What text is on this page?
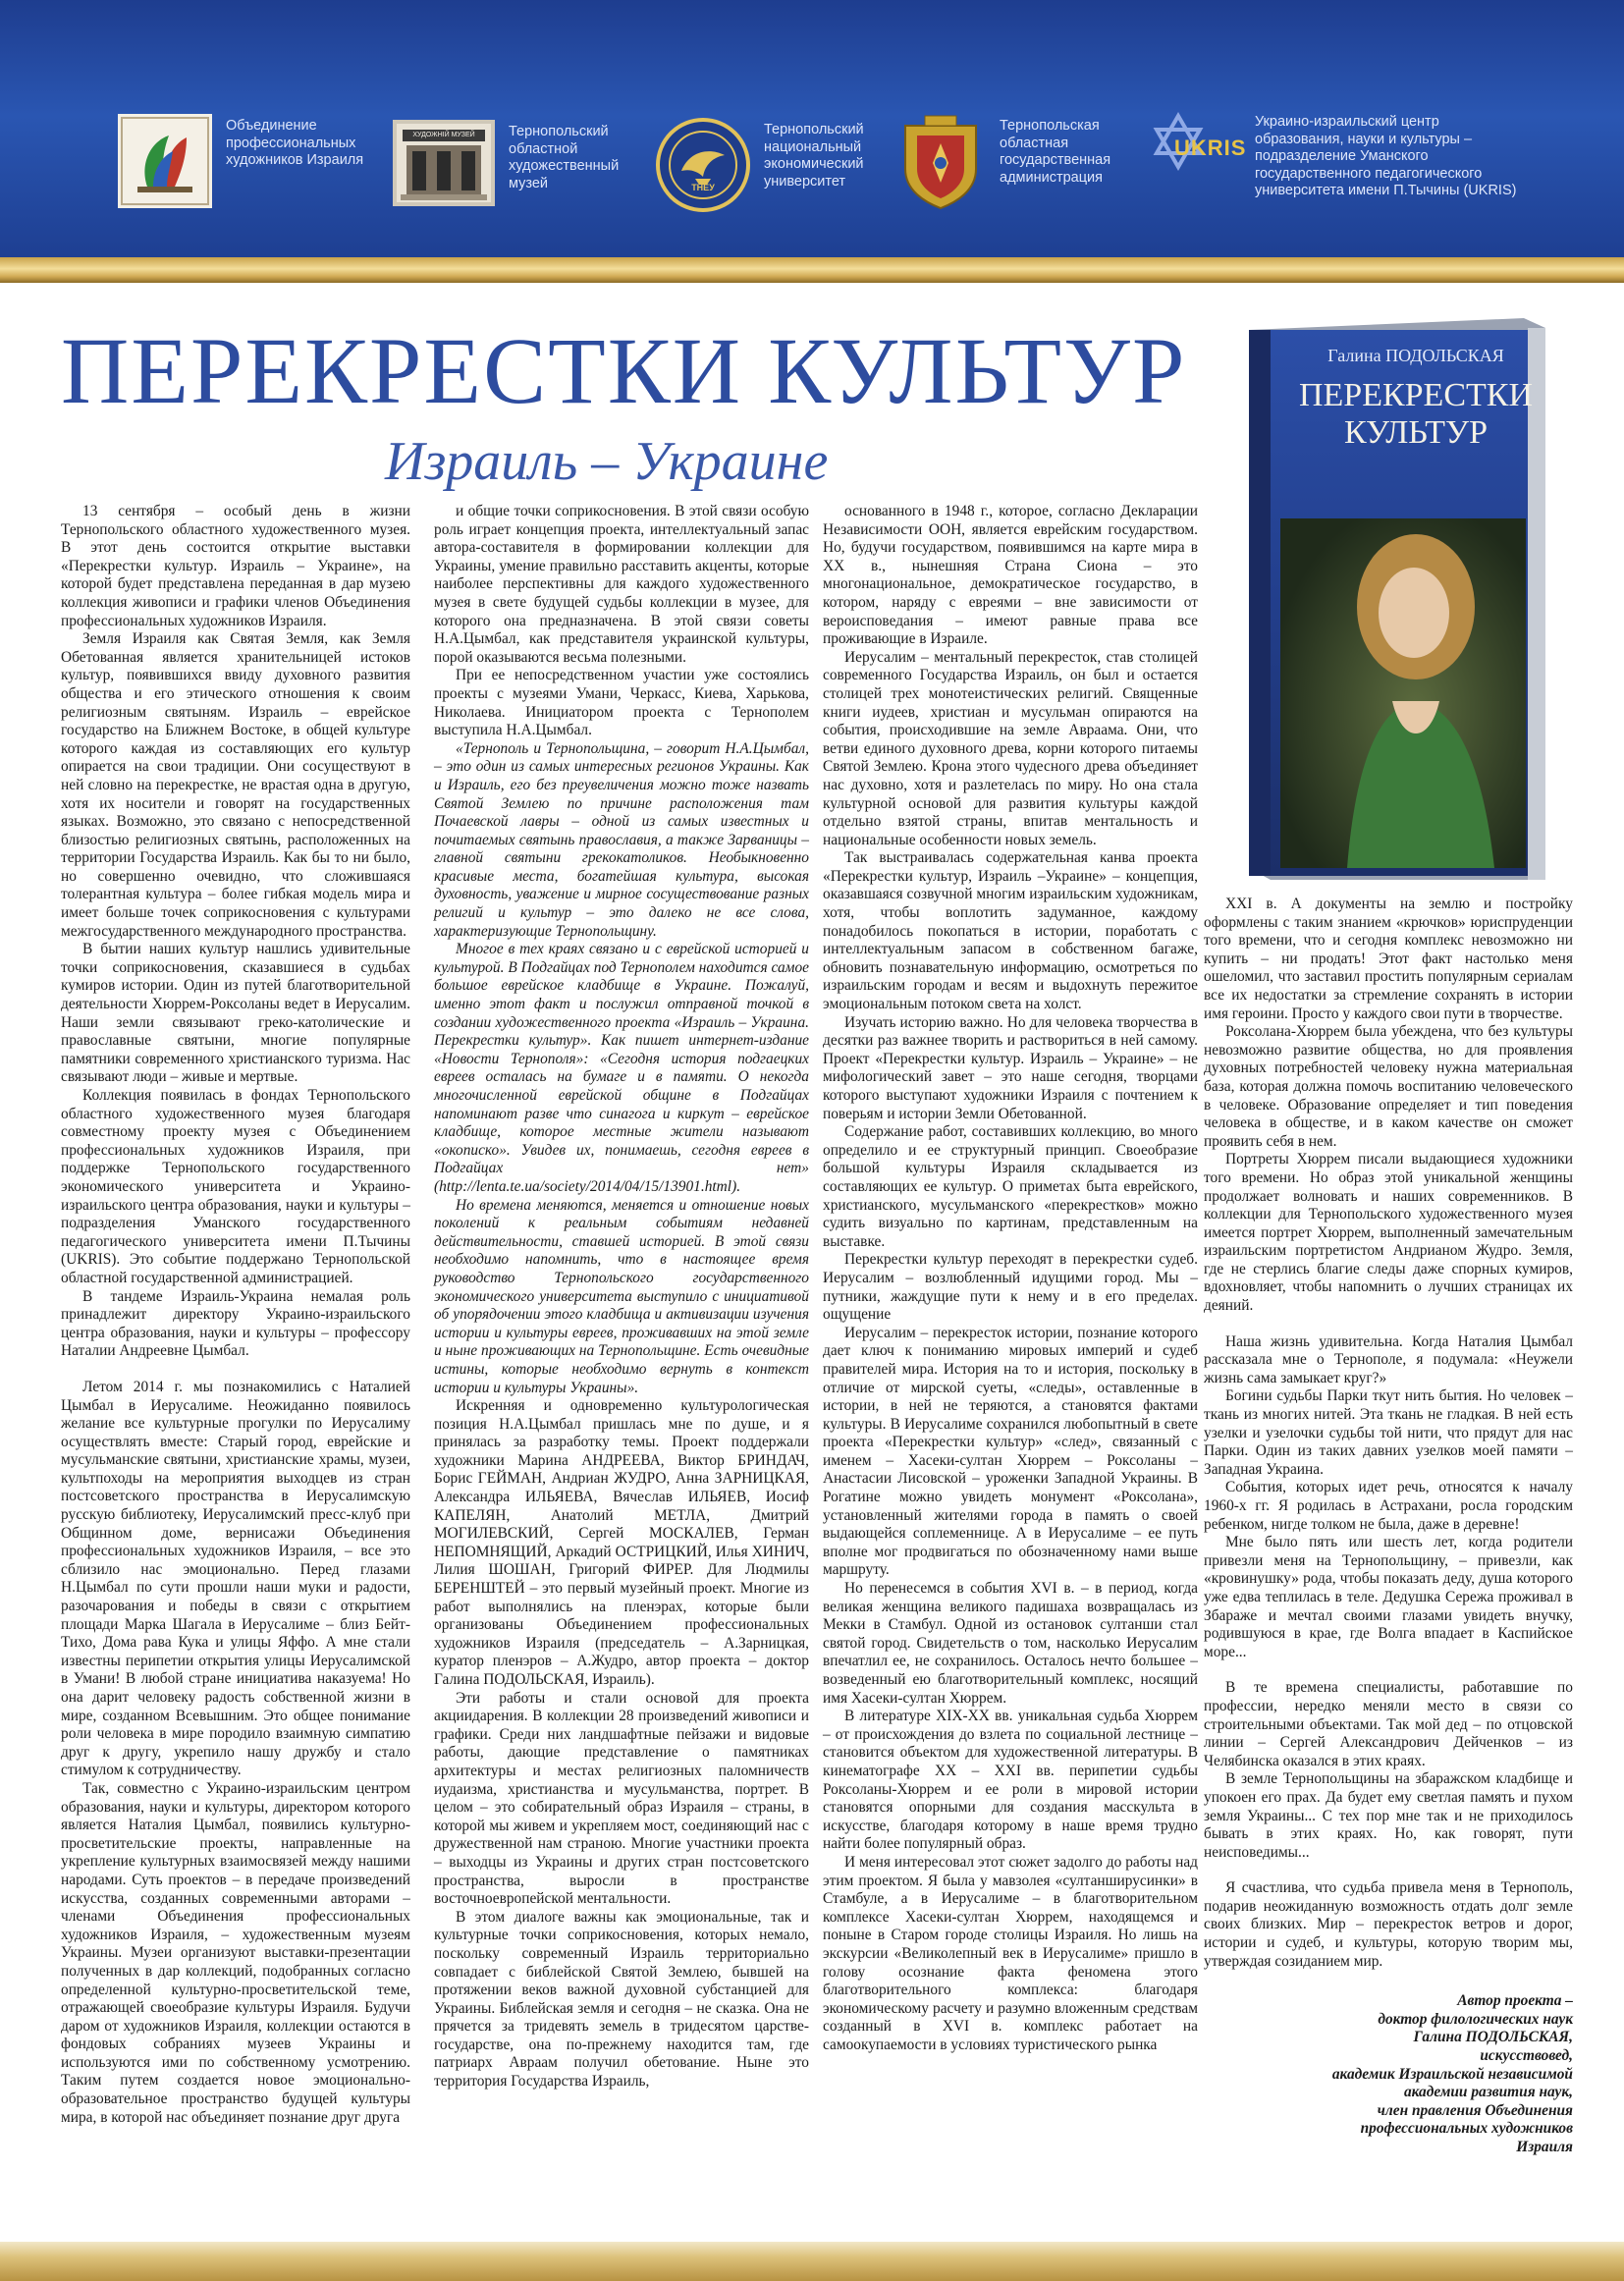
Объединение профессиональных художников Израиля
ХУДОЖНІЙ МУЗЕЙ	Тернопольский областной художественный музей	ТНЕУ
Тернопольский национальный экономический университет
Тернопольская областная государственная администрация
UKRIS
Украино-израильский центр образования, науки и культуры – подразделение Уманского государственного педагогического университета имени П.Тычины (UKRIS)
ПЕРЕКРЕСТКИ КУЛЬТУР
Израиль – Украине
Галина ПОДОЛЬСКАЯ
ПЕРЕКРЕСТКИ
КУЛЬТУР

13 сентября – особый день в жизни Тернопольского областного художественного музея. В этот день состоится открытие выставки «Перекрестки культур. Израиль – Украине», на которой будет представлена переданная в дар музею коллекция живописи и графики членов Объединения профессиональных художников Израиля.

Земля Израиля как Святая Земля, как Земля Обетованная является хранительницей истоков культур, появившихся ввиду духовного развития общества и его этического отношения к своим религиозным святыням. Израиль – еврейское государство на Ближнем Востоке, в общей культуре которого каждая из составляющих его культур опирается на свои традиции. Они сосуществуют в ней словно на перекрестке, не врастая одна в другую, хотя их носители и говорят на государственных языках. Возможно, это связано с непосредственной близостью религиозных святынь, расположенных на территории Государства Израиль. Как бы то ни было, но совершенно очевидно, что сложившаяся толерантная культура – более гибкая модель мира и имеет больше точек соприкосновения с культурами межгосударственного международного пространства.

В бытии наших культур нашлись удивительные точки соприкосновения, сказавшиеся в судьбах кумиров истории. Один из путей благотворительной деятельности Хюррем-Роксоланы ведет в Иерусалим. Наши земли связывают греко-католические и православные святыни, многие популярные памятники современного христианского туризма. Нас связывают люди – живые и мертвые.

Коллекция появилась в фондах Тернопольского областного художественного музея благодаря совместному проекту музея с Объединением профессиональных художников Израиля, при поддержке Тернопольского государственного экономического университета и Украино-израильского центра образования, науки и культуры – подразделения Уманского государственного педагогического университета имени П.Тычины (UKRIS). Это событие поддержано Тернопольской областной государственной администрацией.

В тандеме Израиль-Украина немалая роль принадлежит директору Украино-израильского центра образования, науки и культуры – профессору Наталии Андреевне Цымбал.

Летом 2014 г. мы познакомились с Наталией Цымбал в Иерусалиме. Неожиданно появилось желание все культурные прогулки по Иерусалиму осуществлять вместе: Старый город, еврейские и мусульманские святыни, христианские храмы, музеи, культпоходы на мероприятия выходцев из стран постсоветского пространства в Иерусалимскую русскую библиотеку, Иерусалимский пресс-клуб при Общинном доме, вернисажи Объединения профессиональных художников Израиля, – все это сблизило нас эмоционально. Перед глазами Н.Цымбал по сути прошли наши муки и радости, разочарования и победы в связи с открытием площади Марка Шагала в Иерусалиме – близ Бейт-Тихо, Дома рава Кука и улицы Яффо. А мне стали известны перипетии открытия улицы Иерусалимской в Умани! В любой стране инициатива наказуема! Но она дарит человеку радость собственной жизни в мире, созданном Всевышним. Это общее понимание роли человека в мире породило взаимную симпатию друг к другу, укрепило нашу дружбу и стало стимулом к сотрудничеству.

Так, совместно с Украино-израильским центром образования, науки и культуры, директором которого является Наталия Цымбал, появились культурно-просветительские проекты, направленные на укрепление культурных взаимосвязей между нашими народами. Суть проектов – в передаче произведений искусства, созданных современными авторами – членами Объединения профессиональных художников Израиля, – художественным музеям Украины. Музеи организуют выставки-презентации полученных в дар коллекций, подобранных согласно определенной культурно-просветительской теме, отражающей своеобразие культуры Израиля. Будучи даром от художников Израиля, коллекции остаются в фондовых собраниях музеев Украины и используются ими по собственному усмотрению. Таким путем создается новое эмоционально-образовательное пространство будущей культуры мира, в которой нас объединяет познание друг друга

и общие точки соприкосновения. В этой связи особую роль играет концепция проекта, интеллектуальный запас автора-составителя в формировании коллекции для Украины, умение правильно расставить акценты, которые наиболее перспективны для каждого художественного музея в свете будущей судьбы коллекции в музее, для которого она предназначена. В этой связи советы Н.А.Цымбал, как представителя украинской культуры, порой оказываются весьма полезными.

При ее непосредственном участии уже состоялись проекты с музеями Умани, Черкасс, Киева, Харькова, Николаева. Инициатором проекта с Тернополем выступила Н.А.Цымбал.

«Тернополь и Тернопольщина, – говорит Н.А.Цымбал, – это один из самых интересных регионов Украины. Как и Израиль, его без преувеличения можно тоже назвать Святой Землею по причине расположения там Почаевской лавры – одной из самых известных и почитаемых святынь православия, а также Зарваницы – главной святыни грекокатоликов. Необыкновенно красивые места, богатейшая культура, высокая духовность, уважение и мирное сосуществование разных религий и культур – это далеко не все слова, характеризующие Тернопольщину.

Многое в тех краях связано и с еврейской историей и культурой. В Подгайцах под Тернополем находится самое большое еврейское кладбище в Украине. Пожалуй, именно этот факт и послужил отправной точкой в создании художественного проекта «Израиль – Украина. Перекрестки культур». Как пишет интернет-издание «Новости Тернополя»: «Сегодня история подгаецких евреев осталась на бумаге и в памяти. О некогда многочисленной еврейской общине в Подгайцах напоминают разве что синагога и киркут – еврейское кладбище, которое местные жители называют «окописко». Увидев их, понимаешь, сегодня евреев в Подгайцах нет» (http://lenta.te.ua/society/2014/04/15/13901.html).

Но времена меняются, меняется и отношение новых поколений к реальным событиям недавней действительности, ставшей историей. В этой связи необходимо напомнить, что в настоящее время руководство Тернопольского государственного экономического университета выступило с инициативой об упорядочении этого кладбища и активизации изучения истории и культуры евреев, проживавших на этой земле и ныне проживающих на Тернопольщине. Есть очевидные истины, которые необходимо вернуть в контекст истории и культуры Украины».

Искренняя и одновременно культурологическая позиция Н.А.Цымбал пришлась мне по душе, и я принялась за разработку темы. Проект поддержали художники Марина АНДРЕЕВА, Виктор БРИНДАЧ, Борис ГЕЙМАН, Андриан ЖУДРО, Анна ЗАРНИЦКАЯ, Александра ИЛЬЯЕВА, Вячеслав ИЛЬЯЕВ, Иосиф КАПЕЛЯН, Анатолий МЕТЛА, Дмитрий МОГИЛЕВСКИЙ, Сергей МОСКАЛЕВ, Герман НЕПОМНЯЩИЙ, Аркадий ОСТРИЦКИЙ, Илья ХИНИЧ, Лилия ШОШАН, Григорий ФИРЕР. Для Людмилы БЕРЕНШТЕЙ – это первый музейный проект. Многие из работ выполнялись на пленэрах, которые были организованы Объединением профессиональных художников Израиля (председатель – А.Зарницкая, куратор пленэров – А.Жудро, автор проекта – доктор Галина ПОДОЛЬСКАЯ, Израиль).

Эти работы и стали основой для проекта акциидарения. В коллекции 28 произведений живописи и графики. Среди них ландшафтные пейзажи и видовые работы, дающие представление о памятниках архитектуры и местах религиозных паломничеств иудаизма, христианства и мусульманства, портрет. В целом – это собирательный образ Израиля – страны, в которой мы живем и укрепляем мост, соединяющий нас с дружественной нам страною. Многие участники проекта – выходцы из Украины и других стран постсоветского пространства, выросли в пространстве восточноевропейской ментальности.

В этом диалоге важны как эмоциональные, так и культурные точки соприкосновения, которых немало, поскольку современный Израиль территориально совпадает с библейской Святой Землею, бывшей на протяжении веков важной духовной субстанцией для Украины. Библейская земля и сегодня – не сказка. Она не прячется за тридевять земель в тридесятом царстве-государстве, она по-прежнему находится там, где патриарх Авраам получил обетование. Ныне это территория Государства Израиль,

основанного в 1948 г., которое, согласно Декларации Независимости ООН, является еврейским государством. Но, будучи государством, появившимся на карте мира в XX в., нынешняя Страна Сиона – это многонациональное, демократическое государство, в котором, наряду с евреями – вне зависимости от вероисповедания – имеют равные права все проживающие в Израиле.

Иерусалим – ментальный перекресток, став столицей современного Государства Израиль, он был и остается столицей трех монотеистических религий. Священные книги иудеев, христиан и мусульман опираются на события, происходившие на земле Авраама. Они, что ветви единого духовного древа, корни которого питаемы Святой Землею. Крона этого чудесного древа объединяет нас духовно, хотя и разлетелась по миру. Но она стала культурной основой для развития культуры каждой отдельно взятой страны, впитав ментальность и национальные особенности новых земель.

Так выстраивалась содержательная канва проекта «Перекрестки культур, Израиль –Украине» – концепция, оказавшаяся созвучной многим израильским художникам, хотя, чтобы воплотить задуманное, каждому понадобилось покопаться в истории, поработать с интеллектуальным запасом в собственном багаже, обновить познавательную информацию, осмотреться по израильским городам и весям и выдохнуть пережитое эмоциональным потоком света на холст.

Изучать историю важно. Но для человека творчества в десятки раз важнее творить и раствориться в ней самому. Проект «Перекрестки культур. Израиль – Украине» – не мифологический завет – это наше сегодня, творцами которого выступают художники Израиля с почтением к поверьям и истории Земли Обетованной.

Содержание работ, составивших коллекцию, во много определило и ее структурный принцип. Своеобразие большой культуры Израиля складывается из составляющих ее культур. О приметах быта еврейского, христианского, мусульманского «перекрестков» можно судить визуально по картинам, представленным на выставке.

Перекрестки культур переходят в перекрестки судеб. Иерусалим – возлюбленный идущими город. Мы – путники, жаждущие пути к нему и в его пределах. ощущение

Иерусалим – перекресток истории, познание которого дает ключ к пониманию мировых империй и судеб правителей мира. История на то и история, поскольку в отличие от мирской суеты, «следы», оставленные в истории, в ней не теряются, а становятся фактами культуры. В Иерусалиме сохранился любопытный в свете проекта «Перекрестки культур» «след», связанный с именем – Хасеки-султан Хюррем – Роксоланы – Анастасии Лисовской – уроженки Западной Украины. В Рогатине можно увидеть монумент «Роксолана», установленный жителями города в память о своей выдающейся соплеменнице. А в Иерусалиме – ее путь вполне мог продвигаться по обозначенному нами выше маршруту.

Но перенесемся в события XVI в. – в период, когда великая женщина великого падишаха возвращалась из Мекки в Стамбул. Одной из остановок султанши стал святой город. Свидетельств о том, насколько Иерусалим впечатлил ее, не сохранилось. Осталось нечто большее – возведенный ею благотворительный комплекс, носящий имя Хасеки-султан Хюррем.

В литературе XIX-XX вв. уникальная судьба Хюррем – от происхождения до взлета по социальной лестнице – становится объектом для художественной литературы. В кинематографе XX – XXI вв. перипетии судьбы Роксоланы-Хюррем и ее роли в мировой истории становятся опорными для создания масскульта в искусстве, благодаря которому в наше время трудно найти более популярный образ.

И меня интересовал этот сюжет задолго до работы над этим проектом. Я была у мавзолея «султанширусинки» в Стамбуле, а в Иерусалиме – в благотворительном комплексе Хасеки-султан Хюррем, находящемся и поныне в Старом городе столицы Израиля. Но лишь на экскурсии «Великолепный век в Иерусалиме» пришло в голову осознание факта феномена этого благотворительного комплекса: благодаря экономическому расчету и разумно вложенным средствам созданный в XVI в. комплекс работает на самоокупаемости в условиях туристического рынка

XXI в. А документы на землю и постройку оформлены с таким знанием «крючков» юриспруденции того времени, что и сегодня комплекс невозможно ни купить – ни продать! Этот факт настолько меня ошеломил, что заставил простить популярным сериалам все их недостатки за стремление сохранять в истории имя героини. Просто у каждого свои пути в творчестве.

Роксолана-Хюррем была убеждена, что без культуры невозможно развитие общества, но для проявления духовных потребностей человеку нужна материальная база, которая должна помочь воспитанию человеческого в человеке. Образование определяет и тип поведения человека в обществе, и в каком качестве он сможет проявить себя в нем.

Портреты Хюррем писали выдающиеся художники того времени. Но образ этой уникальной женщины продолжает волновать и наших современников. В коллекции для Тернопольского художественного музея имеется портрет Хюррем, выполненный замечательным израильским портретистом Андрианом Жудро. Земля, где не стерлись благие следы даже спорных кумиров, вдохновляет, чтобы напомнить о лучших страницах их деяний.

Наша жизнь удивительна. Когда Наталия Цымбал рассказала мне о Тернополе, я подумала: «Неужели жизнь сама замыкает круг?»

Богини судьбы Парки ткут нить бытия. Но человек – ткань из многих нитей. Эта ткань не гладкая. В ней есть узелки и узелочки судьбы той нити, что прядут для нас Парки. Один из таких давних узелков моей памяти – Западная Украина.

События, которых идет речь, относятся к началу 1960-х гг. Я родилась в Астрахани, росла городским ребенком, нигде толком не была, даже в деревне!

Мне было пять или шесть лет, когда родители привезли меня на Тернопольщину, – привезли, как «кровинушку» рода, чтобы показать деду, душа которого уже едва теплилась в теле. Дедушка Сережа проживал в Збараже и мечтал своими глазами увидеть внучку, родившуюся в крае, где Волга впадает в Каспийское море...

В те времена специалисты, работавшие по профессии, нередко меняли место в связи со строительными объектами. Так мой дед – по отцовской линии – Сергей Александрович Дейченков – из Челябинска оказался в этих краях.

В земле Тернопольщины на збаражском кладбище и упокоен его прах. Да будет ему светлая память и пухом земля Украины... С тех пор мне так и не приходилось бывать в этих краях. Но, как говорят, пути неисповедимы...

Я счастлива, что судьба привела меня в Тернополь, подарив неожиданную возможность отдать долг земле своих близких. Мир – перекресток ветров и дорог, истории и судеб, и культуры, которую творим мы, утверждая созиданием мир.

Автор проекта –
доктор филологических наук
Галина ПОДОЛЬСКАЯ,
искусствовед,
академик Израильской независимой
академии развития наук,
член правления Объединения
профессиональных художников
Израиля
